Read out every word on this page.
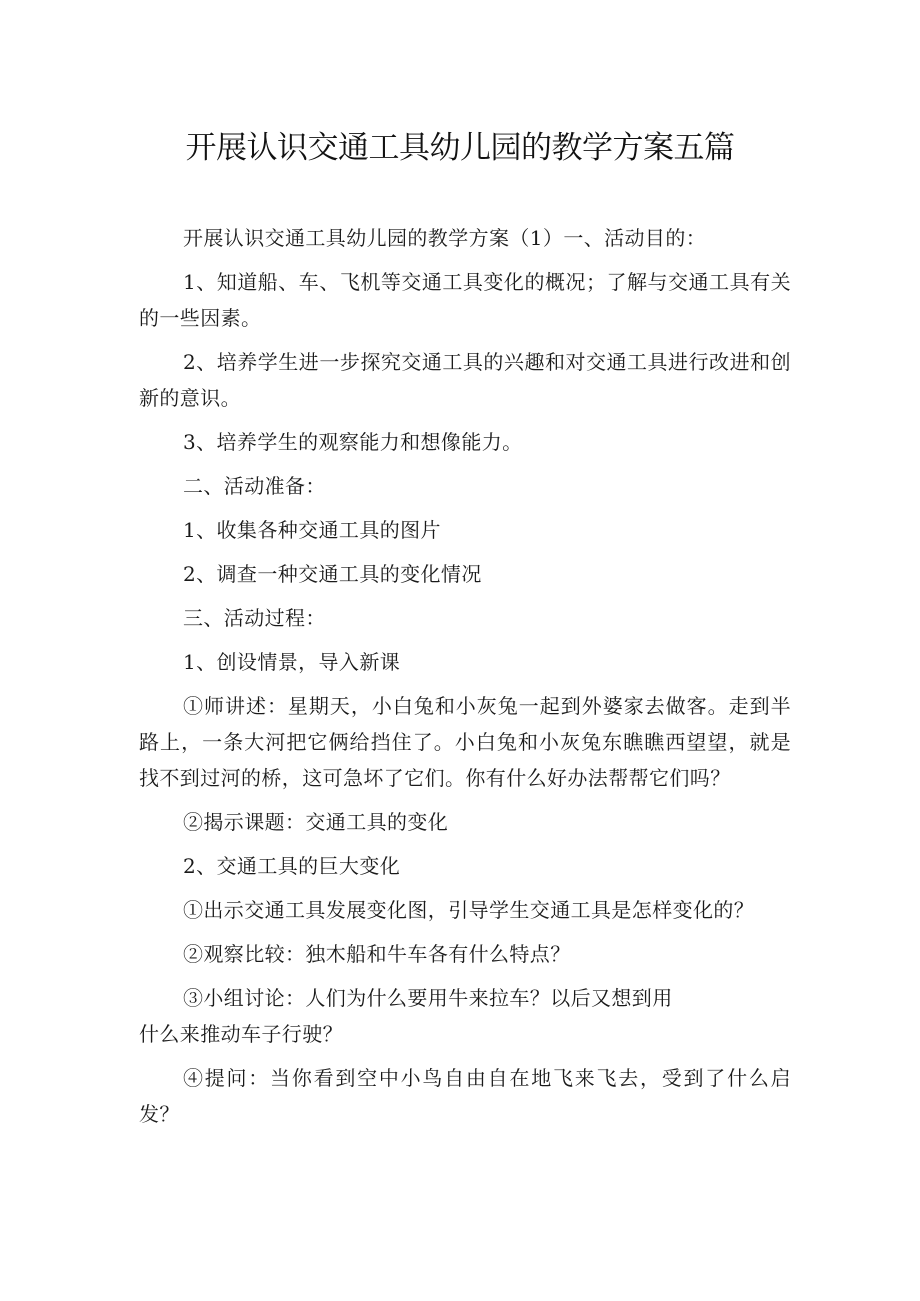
开展认识交通工具幼儿园的教学方案五篇

开展认识交通工具幼儿园的教学方案（1）一、活动目的：

1、知道船、车、飞机等交通工具变化的概况；了解与交通工具有关的一些因素。

2、培养学生进一步探究交通工具的兴趣和对交通工具进行改进和创新的意识。

3、培养学生的观察能力和想像能力。

二、活动准备：

1、收集各种交通工具的图片

2、调查一种交通工具的变化情况

三、活动过程：

1、创设情景，导入新课

①师讲述：星期天，小白兔和小灰兔一起到外婆家去做客。走到半路上，一条大河把它俩给挡住了。小白兔和小灰兔东瞧瞧西望望，就是找不到过河的桥，这可急坏了它们。你有什么好办法帮帮它们吗？

②揭示课题：交通工具的变化

2、交通工具的巨大变化

①出示交通工具发展变化图，引导学生交通工具是怎样变化的？

②观察比较：独木船和牛车各有什么特点？

③小组讨论：人们为什么要用牛来拉车？以后又想到用

什么来推动车子行驶？

④提问：当你看到空中小鸟自由自在地飞来飞去，受到了什么启发？
